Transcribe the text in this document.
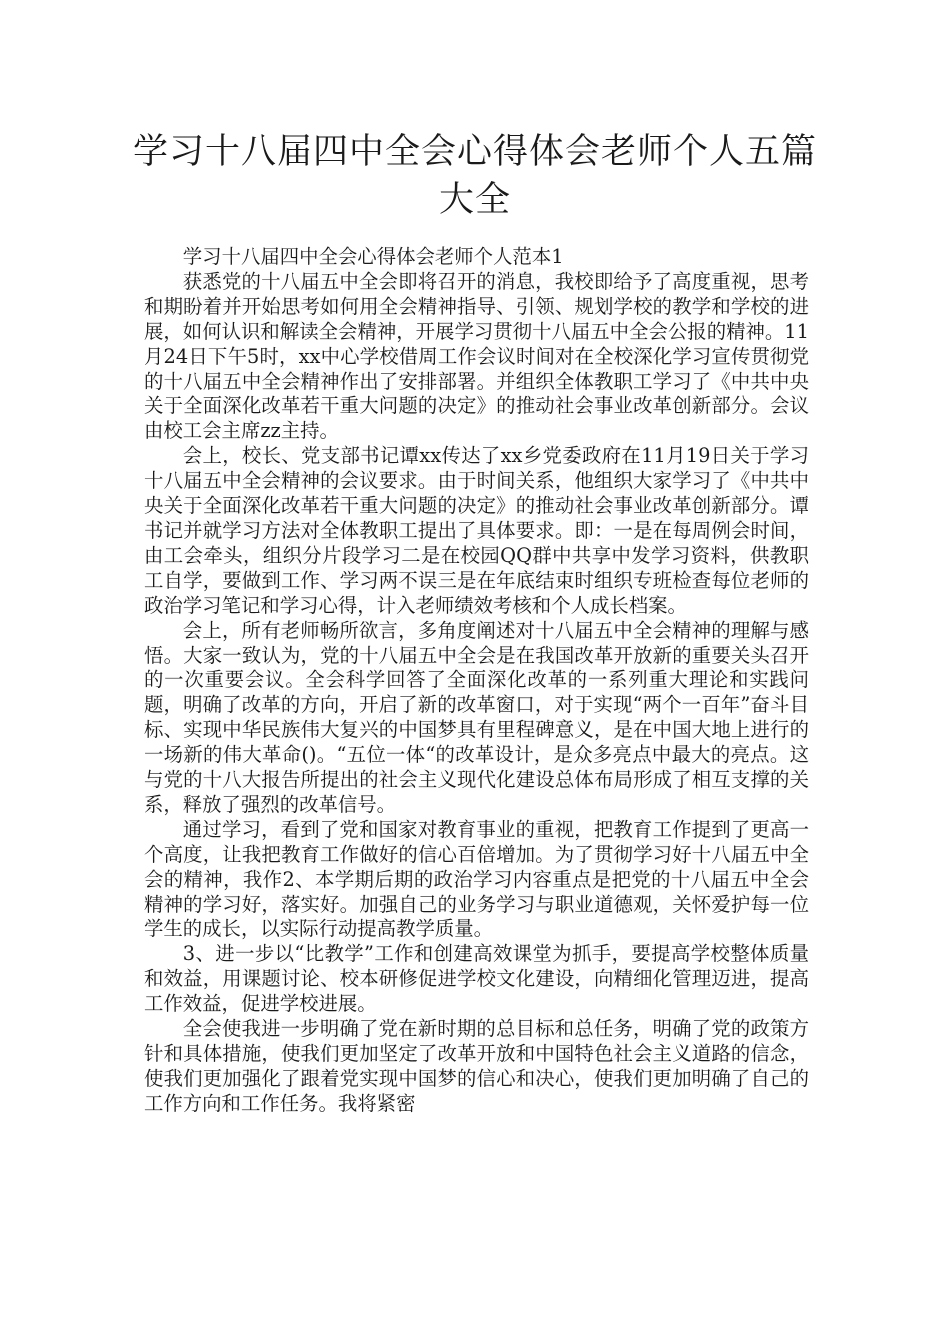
学习十八届四中全会心得体会老师个人五篇大全

学习十八届四中全会心得体会老师个人范本1

获悉党的十八届五中全会即将召开的消息，我校即给予了高度重视，思考和期盼着并开始思考如何用全会精神指导、引领、规划学校的教学和学校的进展，如何认识和解读全会精神，开展学习贯彻十八届五中全会公报的精神。11月24日下午5时，xx中心学校借周工作会议时间对在全校深化学习宣传贯彻党的十八届五中全会精神作出了安排部署。并组织全体教职工学习了《中共中央关于全面深化改革若干重大问题的决定》的推动社会事业改革创新部分。会议由校工会主席zz主持。

会上，校长、党支部书记谭xx传达了xx乡党委政府在11月19日关于学习十八届五中全会精神的会议要求。由于时间关系，他组织大家学习了《中共中央关于全面深化改革若干重大问题的决定》的推动社会事业改革创新部分。谭书记并就学习方法对全体教职工提出了具体要求。即：一是在每周例会时间，由工会牵头，组织分片段学习二是在校园QQ群中共享中发学习资料，供教职工自学，要做到工作、学习两不误三是在年底结束时组织专班检查每位老师的政治学习笔记和学习心得，计入老师绩效考核和个人成长档案。

会上，所有老师畅所欲言，多角度阐述对十八届五中全会精神的理解与感悟。大家一致认为，党的十八届五中全会是在我国改革开放新的重要关头召开的一次重要会议。全会科学回答了全面深化改革的一系列重大理论和实践问题，明确了改革的方向，开启了新的改革窗口，对于实现“两个一百年”奋斗目标、实现中华民族伟大复兴的中国梦具有里程碑意义，是在中国大地上进行的一场新的伟大革命()。“五位一体“的改革设计，是众多亮点中最大的亮点。这与党的十八大报告所提出的社会主义现代化建设总体布局形成了相互支撑的关系，释放了强烈的改革信号。

通过学习，看到了党和国家对教育事业的重视，把教育工作提到了更高一个高度，让我把教育工作做好的信心百倍增加。为了贯彻学习好十八届五中全会的精神，我作2、本学期后期的政治学习内容重点是把党的十八届五中全会精神的学习好，落实好。加强自己的业务学习与职业道德观，关怀爱护每一位学生的成长，以实际行动提高教学质量。

3、进一步以“比教学”工作和创建高效课堂为抓手，要提高学校整体质量和效益，用课题讨论、校本研修促进学校文化建设，向精细化管理迈进，提高工作效益，促进学校进展。

全会使我进一步明确了党在新时期的总目标和总任务，明确了党的政策方针和具体措施，使我们更加坚定了改革开放和中国特色社会主义道路的信念，使我们更加强化了跟着党实现中国梦的信心和决心，使我们更加明确了自己的工作方向和工作任务。我将紧密
